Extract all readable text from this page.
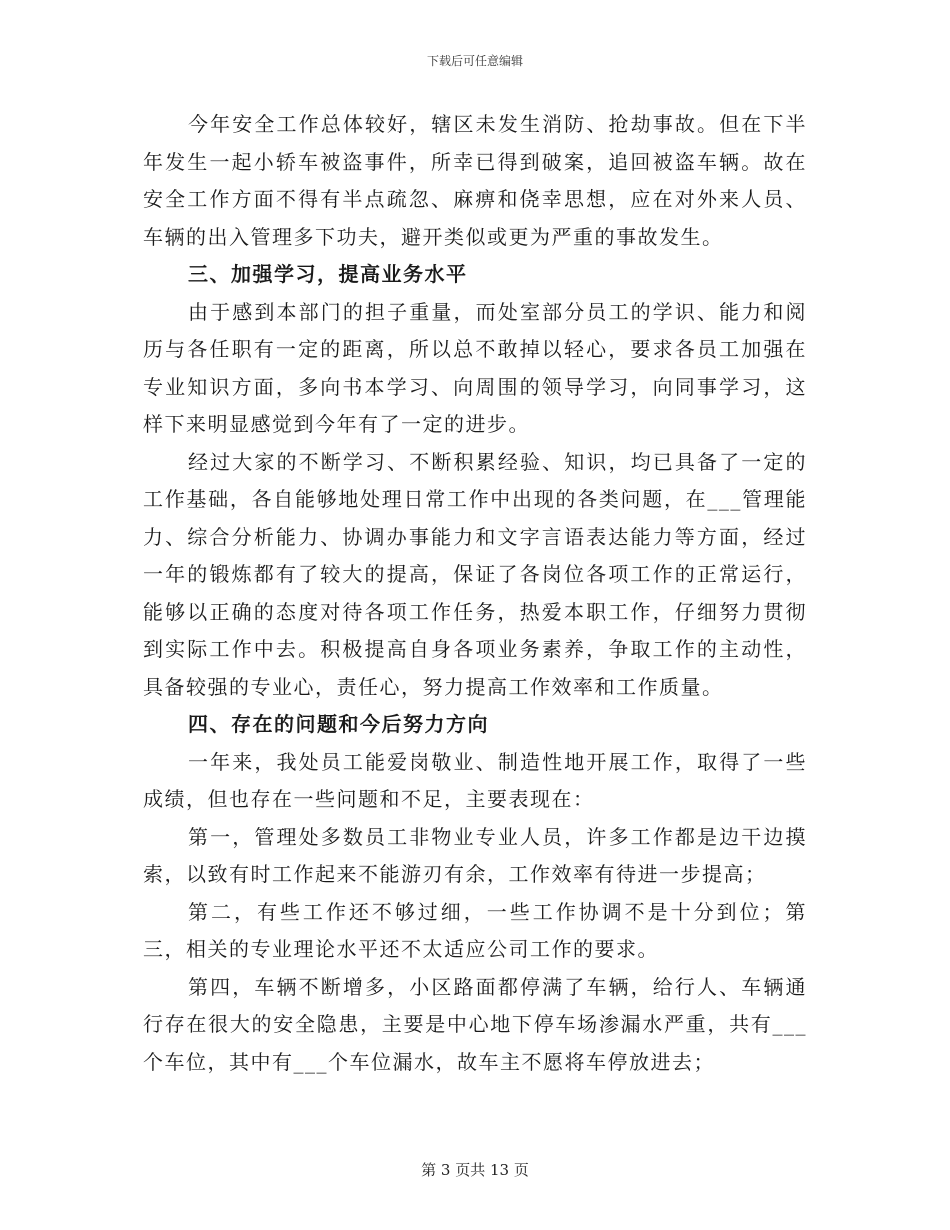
下载后可任意编辑

今年安全工作总体较好，辖区未发生消防、抢劫事故。但在下半年发生一起小轿车被盗事件，所幸已得到破案，追回被盗车辆。故在安全工作方面不得有半点疏忽、麻痹和侥幸思想，应在对外来人员、车辆的出入管理多下功夫，避开类似或更为严重的事故发生。

三、加强学习，提高业务水平

由于感到本部门的担子重量，而处室部分员工的学识、能力和阅历与各任职有一定的距离，所以总不敢掉以轻心，要求各员工加强在专业知识方面，多向书本学习、向周围的领导学习，向同事学习，这样下来明显感觉到今年有了一定的进步。

经过大家的不断学习、不断积累经验、知识，均已具备了一定的工作基础，各自能够地处理日常工作中出现的各类问题，在___管理能力、综合分析能力、协调办事能力和文字言语表达能力等方面，经过一年的锻炼都有了较大的提高，保证了各岗位各项工作的正常运行，能够以正确的态度对待各项工作任务，热爱本职工作，仔细努力贯彻到实际工作中去。积极提高自身各项业务素养，争取工作的主动性，具备较强的专业心，责任心，努力提高工作效率和工作质量。

四、存在的问题和今后努力方向

一年来，我处员工能爱岗敬业、制造性地开展工作，取得了一些成绩，但也存在一些问题和不足，主要表现在：

第一，管理处多数员工非物业专业人员，许多工作都是边干边摸索，以致有时工作起来不能游刃有余，工作效率有待进一步提高；

第二，有些工作还不够过细，一些工作协调不是十分到位；第三，相关的专业理论水平还不太适应公司工作的要求。

第四，车辆不断增多，小区路面都停满了车辆，给行人、车辆通行存在很大的安全隐患，主要是中心地下停车场渗漏水严重，共有___个车位，其中有___个车位漏水，故车主不愿将车停放进去；

第 3 页共 13 页
